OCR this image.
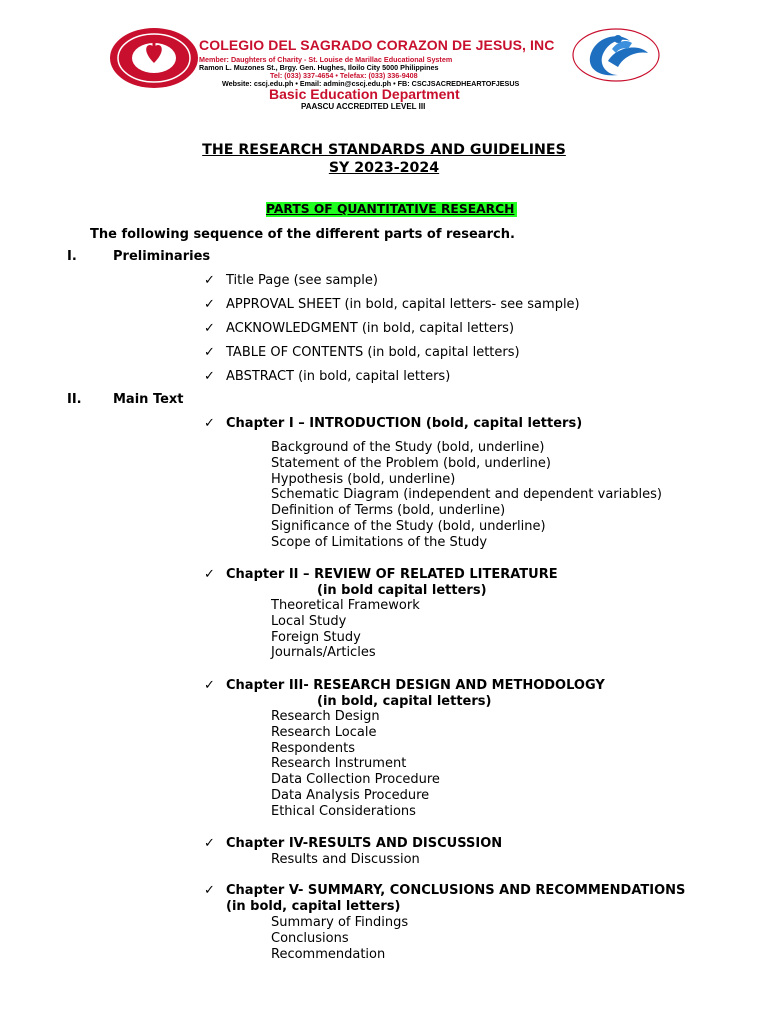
COLEGIO DEL SAGRADO CORAZON DE JESUS, INC
Member: Daughters of Charity - St. Louise de Marillac Educational System
Ramon L. Muzones St., Brgy. Gen. Hughes, Iloilo City 5000 Philippines
Tel: (033) 337-4654 • Telefax: (033) 336-9408
Website: cscj.edu.ph • Email: admin@cscj.edu.ph • FB: CSCJSACREDHEARTOFJESUS
Basic Education Department
PAASCU ACCREDITED LEVEL III
THE RESEARCH STANDARDS AND GUIDELINES
SY 2023-2024
PARTS OF QUANTITATIVE RESEARCH
The following sequence of the different parts of research.
I.	Preliminaries
✓ Title Page (see sample)
✓ APPROVAL SHEET (in bold, capital letters- see sample)
✓ ACKNOWLEDGMENT (in bold, capital letters)
✓ TABLE OF CONTENTS (in bold, capital letters)
✓ ABSTRACT (in bold, capital letters)
II. Main Text
✓ Chapter I – INTRODUCTION (bold, capital letters)
Background of the Study (bold, underline)
Statement of the Problem (bold, underline)
Hypothesis (bold, underline)
Schematic Diagram (independent and dependent variables)
Definition of Terms (bold, underline)
Significance of the Study (bold, underline)
Scope of Limitations of the Study
✓ Chapter II – REVIEW OF RELATED LITERATURE
(in bold capital letters)
Theoretical Framework
Local Study
Foreign Study
Journals/Articles
✓ Chapter III- RESEARCH DESIGN AND METHODOLOGY
(in bold, capital letters)
Research Design
Research Locale
Respondents
Research Instrument
Data Collection Procedure
Data Analysis Procedure
Ethical Considerations
✓ Chapter IV-RESULTS AND DISCUSSION
Results and Discussion
✓ Chapter V- SUMMARY, CONCLUSIONS AND RECOMMENDATIONS
(in bold, capital letters)
Summary of Findings
Conclusions
Recommendation
